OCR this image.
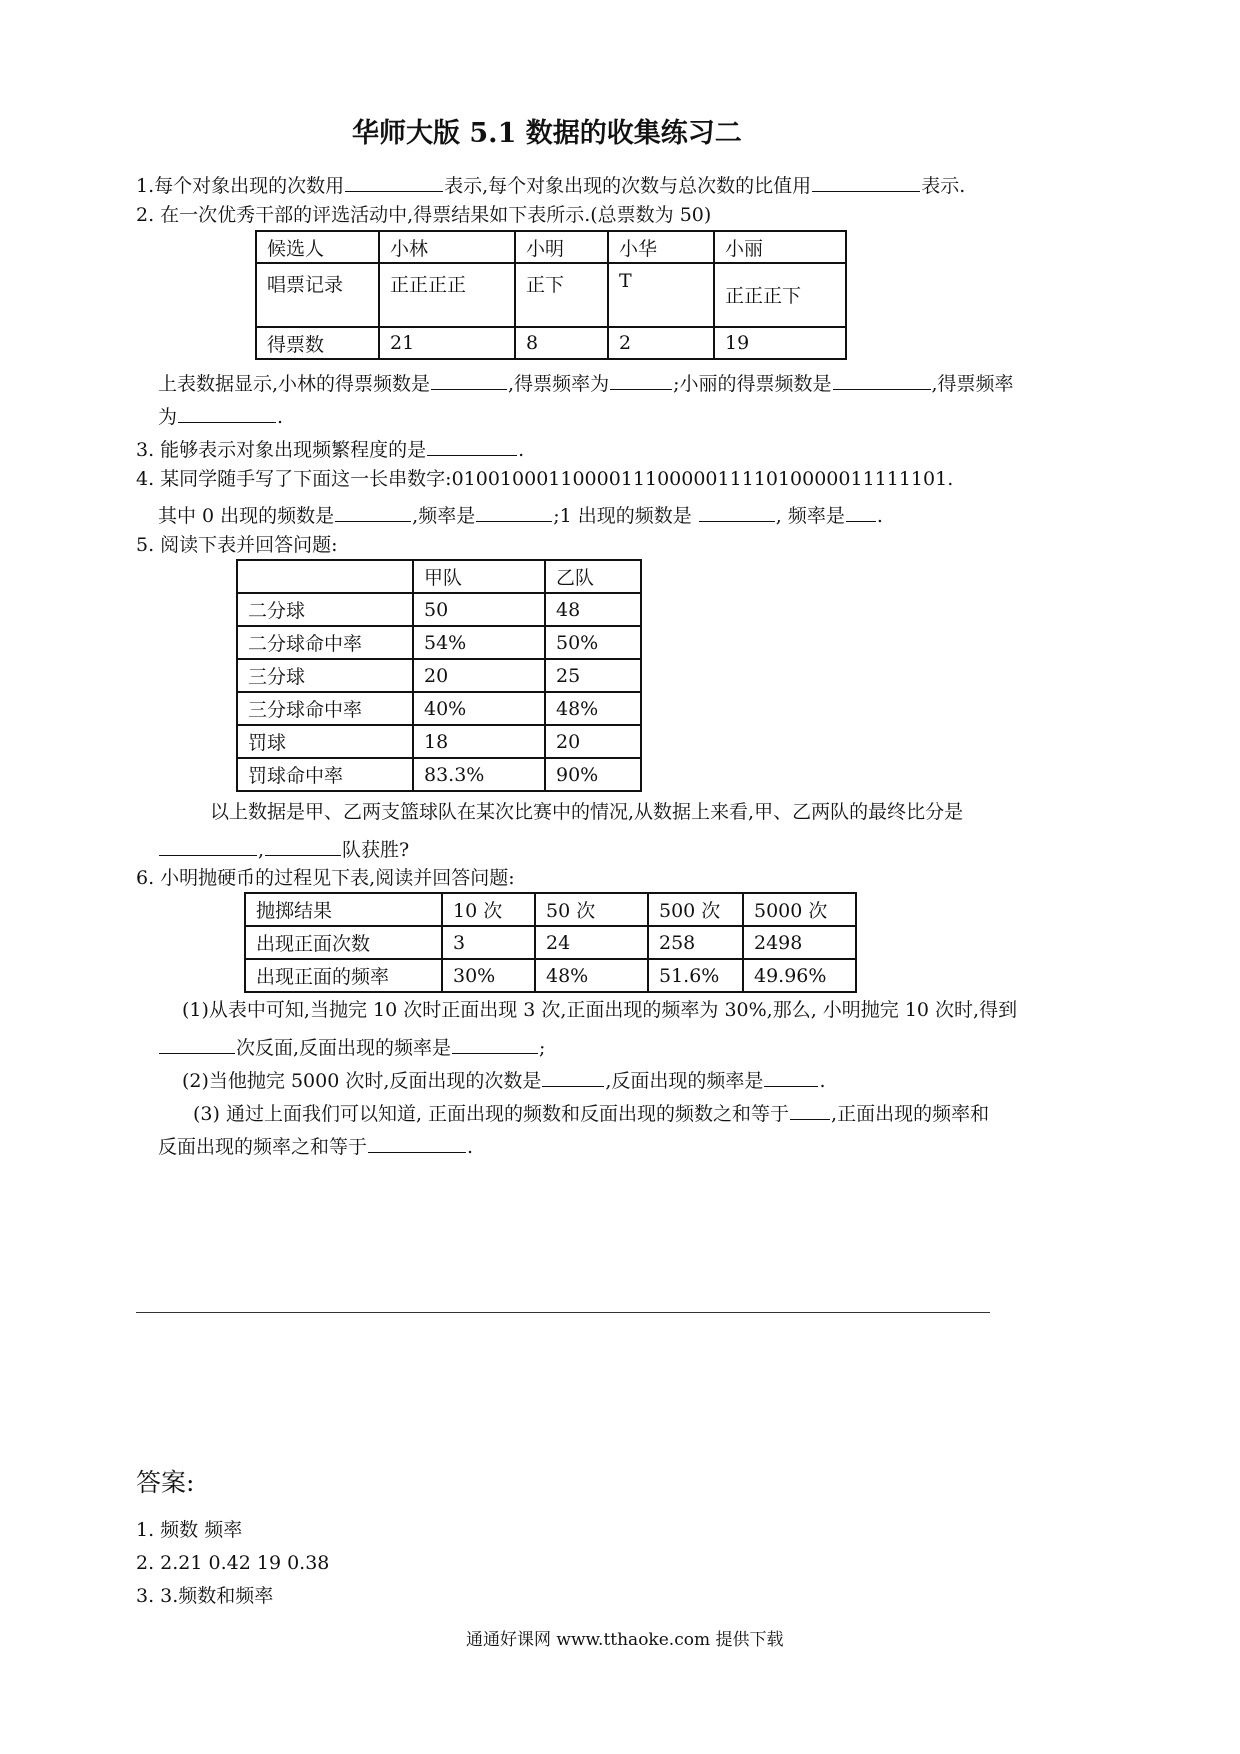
华师大版 5.1 数据的收集练习二
1.每个对象出现的次数用	表示,每个对象出现的次数与总次数的比值用	表示.
2. 在一次优秀干部的评选活动中,得票结果如下表所示.(总票数为 50)
候选人	小林	小明	小华	小丽
唱票记录	正正正正	正下	T	正正正下
得票数	21	8	2	19
上表数据显示,小林的得票频数是	,得票频率为	;小丽的得票频数是	,得票频率
为	.
3. 能够表示对象出现频繁程度的是	.
4. 某同学随手写了下面这一长串数字:01001000110000111000001111010000011111101.
其中 0 出现的频数是	,频率是	;1 出现的频数是	, 频率是 .
5. 阅读下表并回答问题:
	甲队	乙队
二分球	50	48
二分球命中率	54%	50%
三分球	20	25
三分球命中率	40%	48%
罚球	18	20
罚球命中率	83.3%	90%
以上数据是甲、乙两支篮球队在某次比赛中的情况,从数据上来看,甲、乙两队的最终比分是
,	队获胜?
6. 小明抛硬币的过程见下表,阅读并回答问题:
抛掷结果	10 次	50 次	500 次	5000 次
出现正面次数	3	24	258	2498
出现正面的频率	30%	48%	51.6%	49.96%
(1)从表中可知,当抛完 10 次时正面出现 3 次,正面出现的频率为 30%,那么, 小明抛完 10 次时,得到
次反面,反面出现的频率是	;
(2)当他抛完 5000 次时,反面出现的次数是	,反面出现的频率是	.
(3) 通过上面我们可以知道, 正面出现的频数和反面出现的频数之和等于 ,正面出现的频率和
反面出现的频率之和等于	.
答案:
1. 频数 频率
2. 2.21 0.42 19 0.38
3. 3.频数和频率
通通好课网 www.tthaoke.com 提供下载
